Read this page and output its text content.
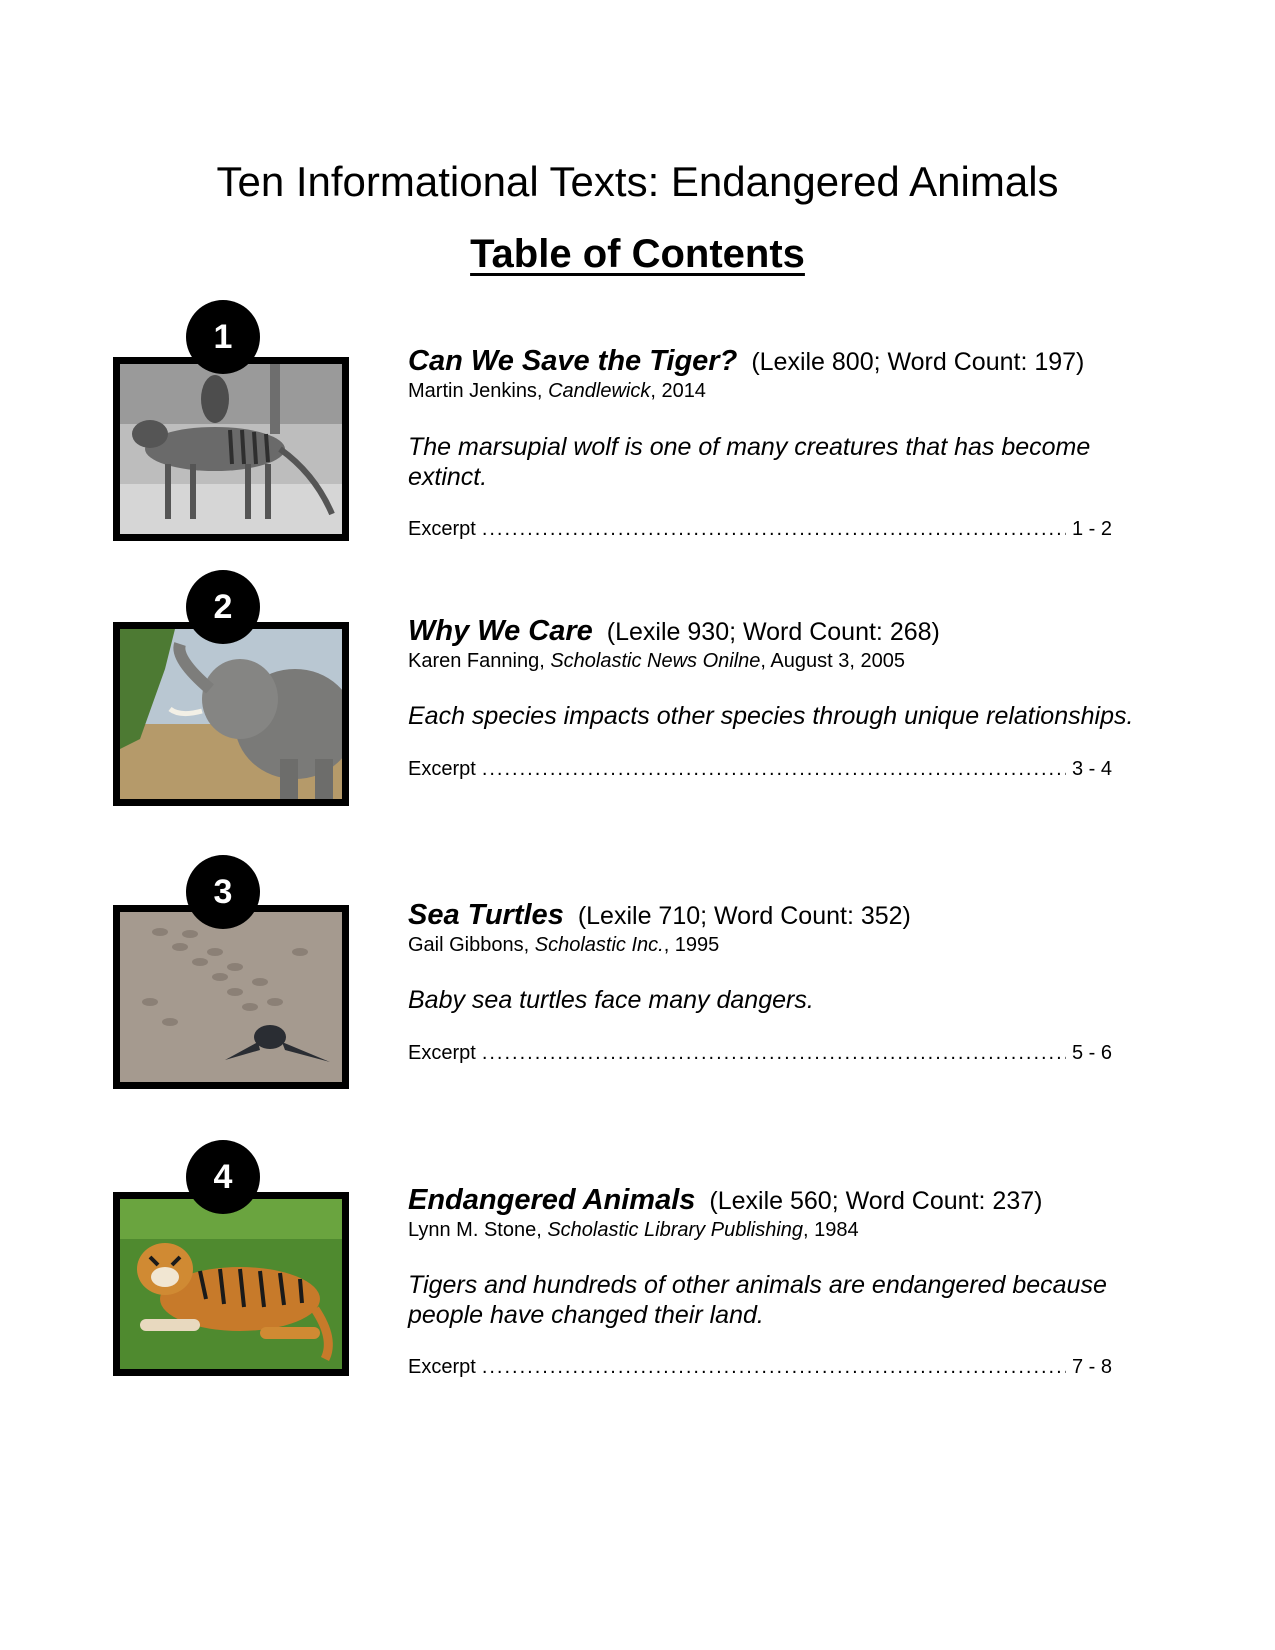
Ten Informational Texts: Endangered Animals
Table of Contents
1
Can We Save the Tiger? (Lexile 800; Word Count: 197)
Martin Jenkins, Candlewick, 2014
The marsupial wolf is one of many creatures that has become extinct.
Excerpt .....	1 - 2
2
Why We Care (Lexile 930; Word Count: 268)
Karen Fanning, Scholastic News Onilne, August 3, 2005
Each species impacts other species through unique relationships.
Excerpt .....	3 - 4
3
Sea Turtles (Lexile 710; Word Count: 352)
Gail Gibbons, Scholastic Inc., 1995
Baby sea turtles face many dangers.
Excerpt .....	5 - 6
4
Endangered Animals (Lexile 560; Word Count: 237)
Lynn M. Stone, Scholastic Library Publishing, 1984
Tigers and hundreds of other animals are endangered because people have changed their land.
Excerpt .....	7 - 8
